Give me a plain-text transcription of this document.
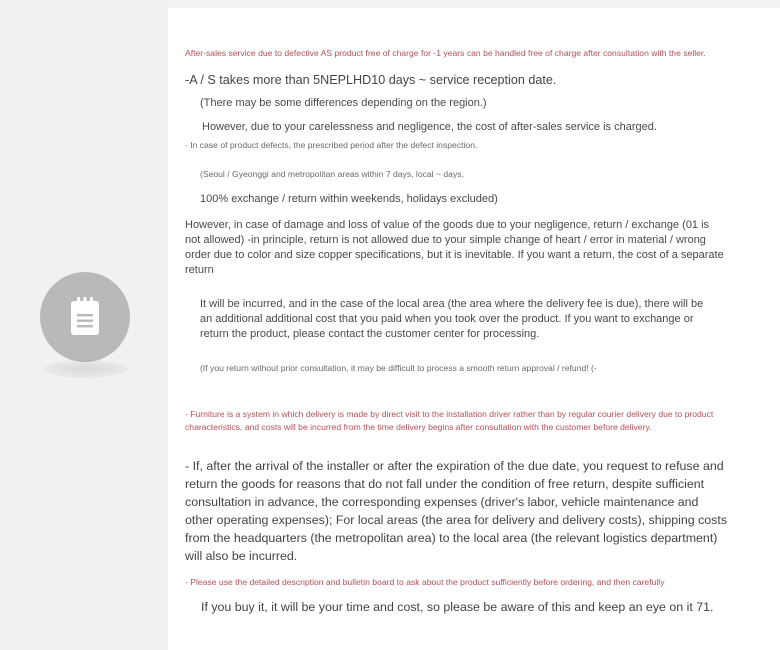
After-sales service due to defective AS product free of charge for -1 years can be handled free of charge after consultation with the seller.

-A / S takes more than 5NEPLHD10 days ~ service reception date.

(There may be some differences depending on the region.)

However, due to your carelessness and negligence, the cost of after-sales service is charged.

- In case of product defects, the prescribed period after the defect inspection.

(Seoul / Gyeonggi and metropolitan areas within 7 days, local ~ days,

100% exchange / return within weekends, holidays excluded)

However, in case of damage and loss of value of the goods due to your negligence, return / exchange (01 is not allowed) -in principle, return is not allowed due to your simple change of heart / error in material / wrong order due to color and size copper specifications, but it is inevitable. If you want a return, the cost of a separate return

It will be incurred, and in the case of the local area (the area where the delivery fee is due), there will be an additional additional cost that you paid when you took over the product. If you want to exchange or return the product, please contact the customer center for processing.

(If you return without prior consultation, it may be difficult to process a smooth return approval / refund! (-

- Furniture is a system in which delivery is made by direct visit to the installation driver rather than by regular courier delivery due to product characteristics, and costs will be incurred from the time delivery begins after consultation with the customer before delivery.

- If, after the arrival of the installer or after the expiration of the due date, you request to refuse and return the goods for reasons that do not fall under the condition of free return, despite sufficient consultation in advance, the corresponding expenses (driver's labor, vehicle maintenance and other operating expenses); For local areas (the area for delivery and delivery costs), shipping costs from the headquarters (the metropolitan area) to the local area (the relevant logistics department) will also be incurred.

- Please use the detailed description and bulletin board to ask about the product sufficiently before ordering, and then carefully

If you buy it, it will be your time and cost, so please be aware of this and keep an eye on it 71.
